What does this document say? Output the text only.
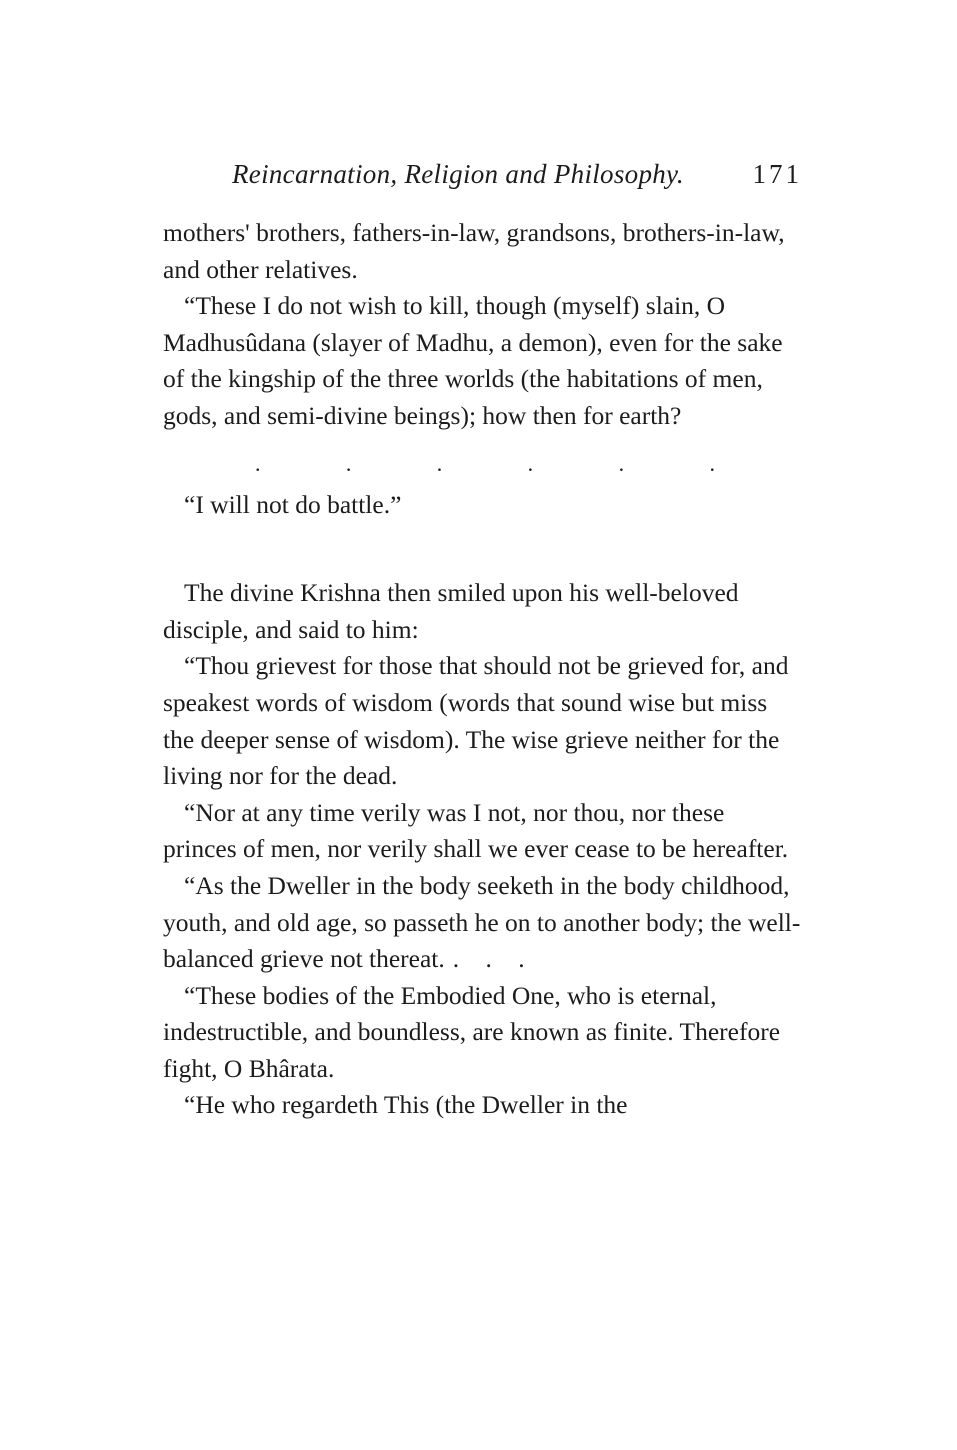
Reincarnation, Religion and Philosophy.	171

mothers' brothers, fathers-in-law, grandsons, brothers-in-law, and other relatives.

“These I do not wish to kill, though (myself) slain, O Madhusûdana (slayer of Madhu, a demon), even for the sake of the kingship of the three worlds (the habitations of men, gods, and semi-divine beings); how then for earth?

.	.	.	.	.	.

“I will not do battle.”

The divine Krishna then smiled upon his well-beloved disciple, and said to him:

“Thou grievest for those that should not be grieved for, and speakest words of wisdom (words that sound wise but miss the deeper sense of wisdom). The wise grieve neither for the living nor for the dead.

“Nor at any time verily was I not, nor thou, nor these princes of men, nor verily shall we ever cease to be hereafter.

“As the Dweller in the body seeketh in the body childhood, youth, and old age, so passeth he on to another body; the well-balanced grieve not thereat. . . .

“These bodies of the Embodied One, who is eternal, indestructible, and boundless, are known as finite. Therefore fight, O Bhârata.

“He who regardeth This (the Dweller in the
